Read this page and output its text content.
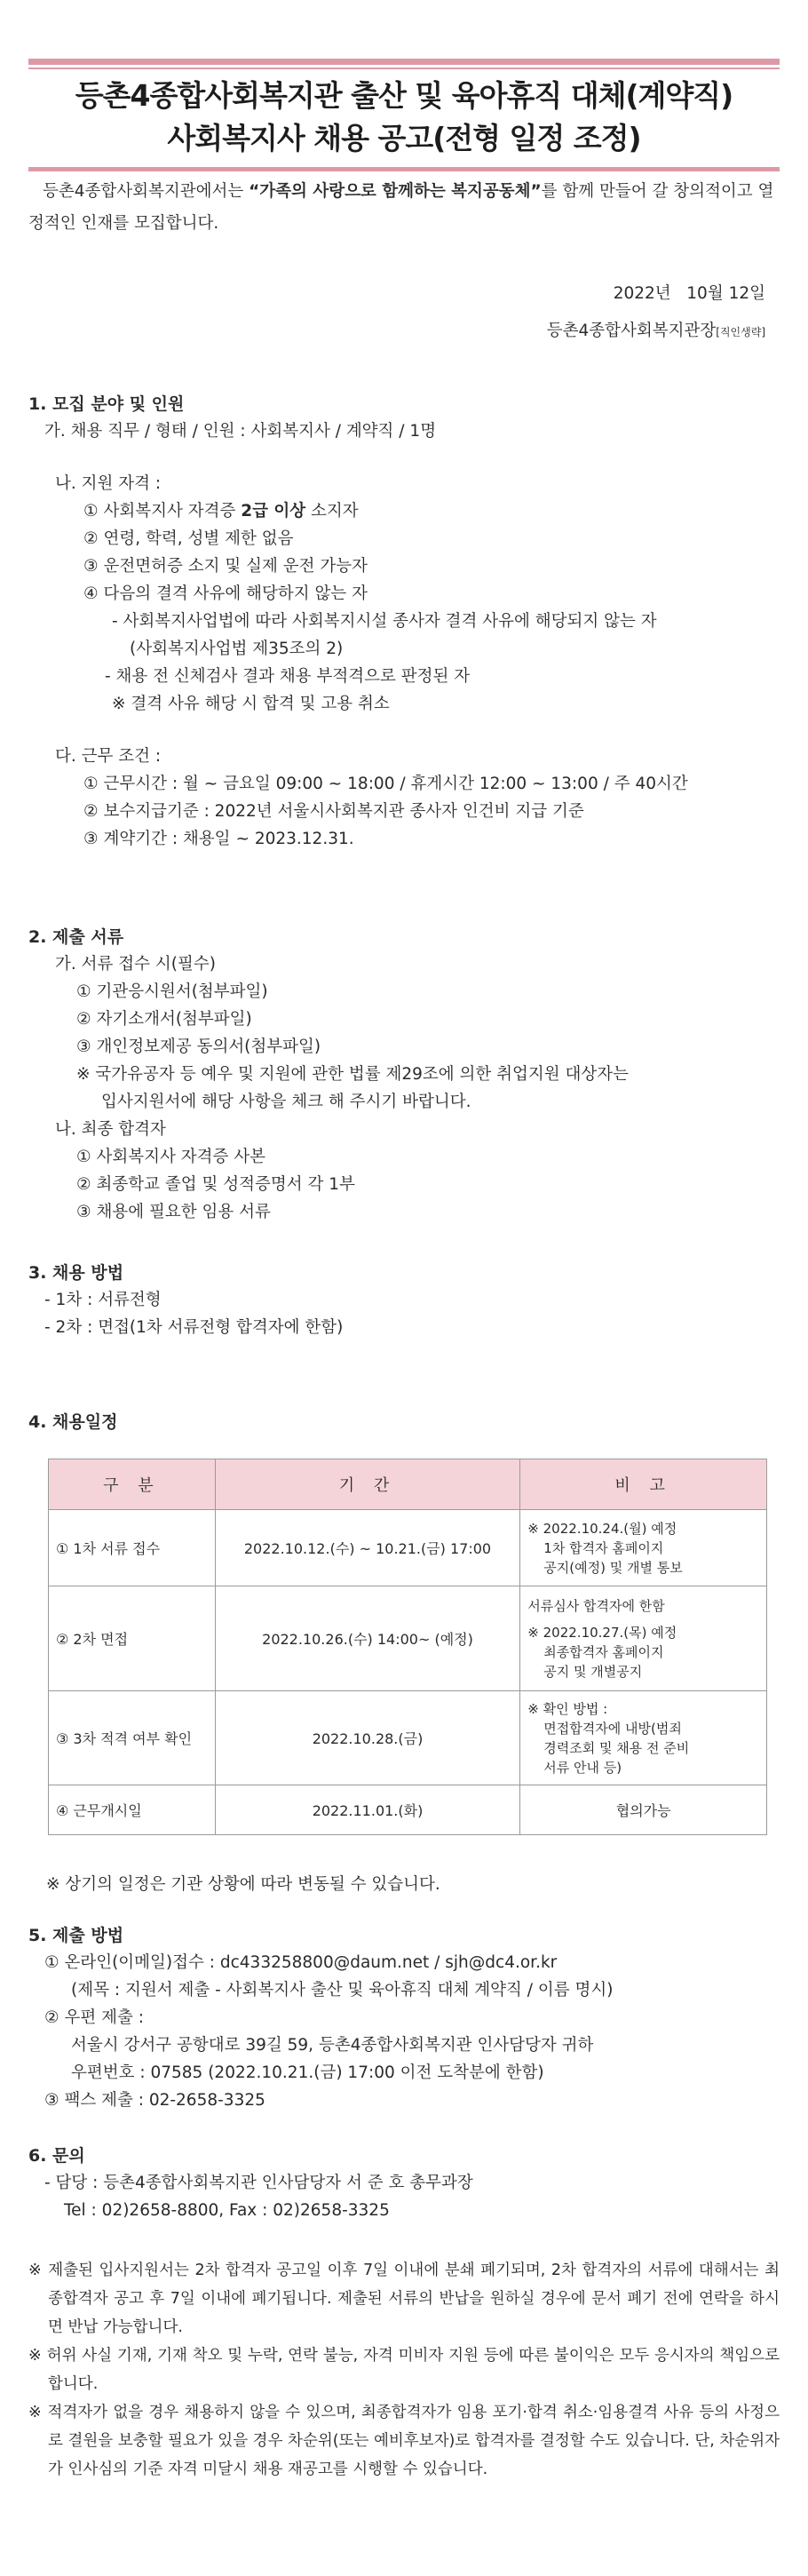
등촌4종합사회복지관 출산 및 육아휴직 대체(계약직)
사회복지사 채용 공고(전형 일정 조정)
등촌4종합사회복지관에서는 “가족의 사랑으로 함께하는 복지공동체”를 함께 만들어 갈 창의적이고 열정적인 인재를 모집합니다.
2022년   10월 12일
등촌4종합사회복지관장[직인생략]
1. 모집 분야 및 인원
가. 채용 직무 / 형태 / 인원 : 사회복지사 / 계약직 / 1명
나. 지원 자격 :
① 사회복지사 자격증 2급 이상 소지자
② 연령, 학력, 성별 제한 없음
③ 운전면허증 소지 및 실제 운전 가능자
④ 다음의 결격 사유에 해당하지 않는 자
- 사회복지사업법에 따라 사회복지시설 종사자 결격 사유에 해당되지 않는 자
(사회복지사업법 제35조의 2)
- 채용 전 신체검사 결과 채용 부적격으로 판정된 자
※ 결격 사유 해당 시 합격 및 고용 취소
다. 근무 조건 :
① 근무시간 : 월 ~ 금요일 09:00 ~ 18:00 / 휴게시간 12:00 ~ 13:00 / 주 40시간
② 보수지급기준 : 2022년 서울시사회복지관 종사자 인건비 지급 기준
③ 계약기간 : 채용일 ~ 2023.12.31.
2. 제출 서류
가. 서류 접수 시(필수)
① 기관응시원서(첨부파일)
② 자기소개서(첨부파일)
③ 개인정보제공 동의서(첨부파일)
※ 국가유공자 등 예우 및 지원에 관한 법률 제29조에 의한 취업지원 대상자는
입사지원서에 해당 사항을 체크 해 주시기 바랍니다.
나. 최종 합격자
① 사회복지사 자격증 사본
② 최종학교 졸업 및 성적증명서 각 1부
③ 채용에 필요한 임용 서류
3. 채용 방법
- 1차 : 서류전형
- 2차 : 면접(1차 서류전형 합격자에 한함)
4. 채용일정
구 분	기 간	비 고
① 1차 서류 접수	2022.10.12.(수) ~ 10.21.(금) 17:00	※ 2022.10.24.(월) 예정
1차 합격자 홈페이지
공지(예정) 및 개별 통보

② 2차 면접	2022.10.26.(수) 14:00~ (예정)	서류심사 합격자에 한함
※ 2022.10.27.(목) 예정
최종합격자 홈페이지
공지 및 개별공지

③ 3차 적격 여부 확인	2022.10.28.(금)	※ 확인 방법 :
면접합격자에 내방(범죄
경력조회 및 채용 전 준비
서류 안내 등)

④ 근무개시일	2022.11.01.(화)	협의가능
※ 상기의 일정은 기관 상황에 따라 변동될 수 있습니다.
5. 제출 방법
① 온라인(이메일)접수 : dc433258800@daum.net / sjh@dc4.or.kr
(제목 : 지원서 제출 - 사회복지사 출산 및 육아휴직 대체 계약직 / 이름 명시)
② 우편 제출 :
서울시 강서구 공항대로 39길 59, 등촌4종합사회복지관 인사담당자 귀하
우편번호 : 07585 (2022.10.21.(금) 17:00 이전 도착분에 한함)
③ 팩스 제출 : 02-2658-3325
6. 문의
- 담당 : 등촌4종합사회복지관 인사담당자 서 준 호 총무과장
Tel : 02)2658-8800, Fax : 02)2658-3325
※ 제출된 입사지원서는 2차 합격자 공고일 이후 7일 이내에 분쇄 폐기되며, 2차 합격자의 서류에 대해서는 최종합격자 공고 후 7일 이내에 폐기됩니다. 제출된 서류의 반납을 원하실 경우에 문서 폐기 전에 연락을 하시면 반납 가능합니다.
※ 허위 사실 기재, 기재 착오 및 누락, 연락 불능, 자격 미비자 지원 등에 따른 불이익은 모두 응시자의 책임으로 합니다.
※ 적격자가 없을 경우 채용하지 않을 수 있으며, 최종합격자가 임용 포기·합격 취소·임용결격 사유 등의 사정으로 결원을 보충할 필요가 있을 경우 차순위(또는 예비후보자)로 합격자를 결정할 수도 있습니다. 단, 차순위자가 인사심의 기준 자격 미달시 채용 재공고를 시행할 수 있습니다.
